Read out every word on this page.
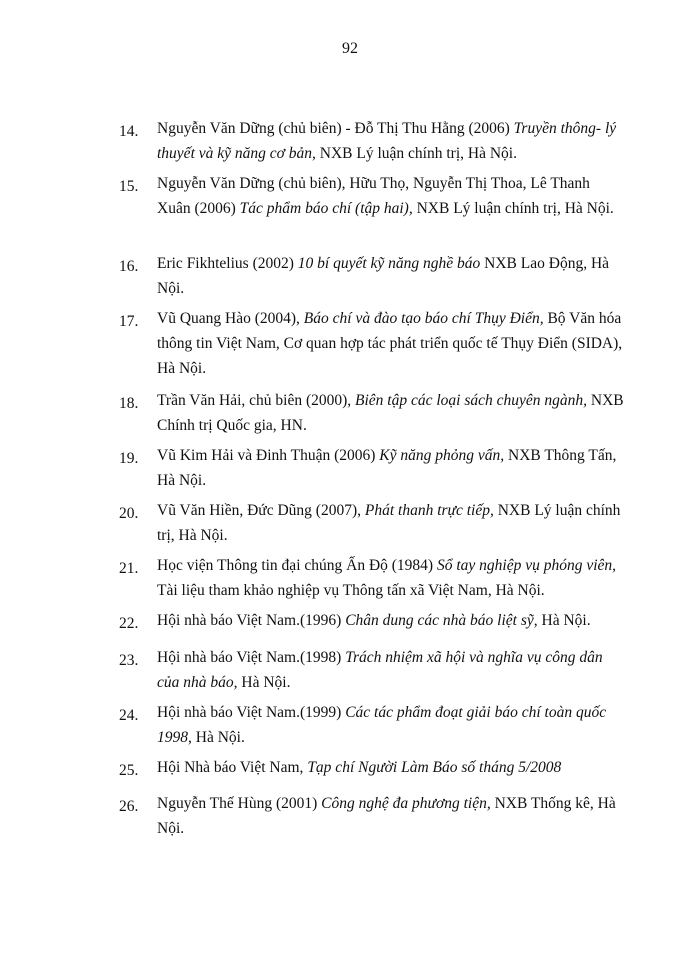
92
14. Nguyễn Văn Dững (chủ biên) - Đỗ Thị Thu Hằng (2006) Truyền thông- lý thuyết và kỹ năng cơ bản, NXB Lý luận chính trị, Hà Nội.
15. Nguyễn Văn Dững (chủ biên), Hữu Thọ, Nguyễn Thị Thoa, Lê Thanh Xuân (2006) Tác phẩm báo chí (tập hai), NXB Lý luận chính trị, Hà Nội.
16. Eric Fikhtelius (2002) 10 bí quyết kỹ năng nghề báo NXB Lao Động, Hà Nội.
17. Vũ Quang Hào (2004), Báo chí và đào tạo báo chí Thụy Điển, Bộ Văn hóa thông tin Việt Nam, Cơ quan hợp tác phát triển quốc tế Thụy Điển (SIDA), Hà Nội.
18. Trần Văn Hải, chủ biên (2000), Biên tập các loại sách chuyên ngành, NXB Chính trị Quốc gia, HN.
19. Vũ Kim Hải và Đinh Thuận (2006) Kỹ năng phỏng vấn, NXB Thông Tấn, Hà Nội.
20. Vũ Văn Hiền, Đức Dũng (2007), Phát thanh trực tiếp, NXB Lý luận chính trị, Hà Nội.
21. Học viện Thông tin đại chúng Ấn Độ (1984) Sổ tay nghiệp vụ phóng viên, Tài liệu tham khảo nghiệp vụ Thông tấn xã Việt Nam, Hà Nội.
22. Hội nhà báo Việt Nam.(1996) Chân dung các nhà báo liệt sỹ, Hà Nội.
23. Hội nhà báo Việt Nam.(1998) Trách nhiệm xã hội và nghĩa vụ công dân của nhà báo, Hà Nội.
24. Hội nhà báo Việt Nam.(1999) Các tác phẩm đoạt giải báo chí toàn quốc 1998, Hà Nội.
25. Hội Nhà báo Việt Nam, Tạp chí Người Làm Báo số tháng 5/2008
26. Nguyễn Thế Hùng (2001) Công nghệ đa phương tiện, NXB Thống kê, Hà Nội.
